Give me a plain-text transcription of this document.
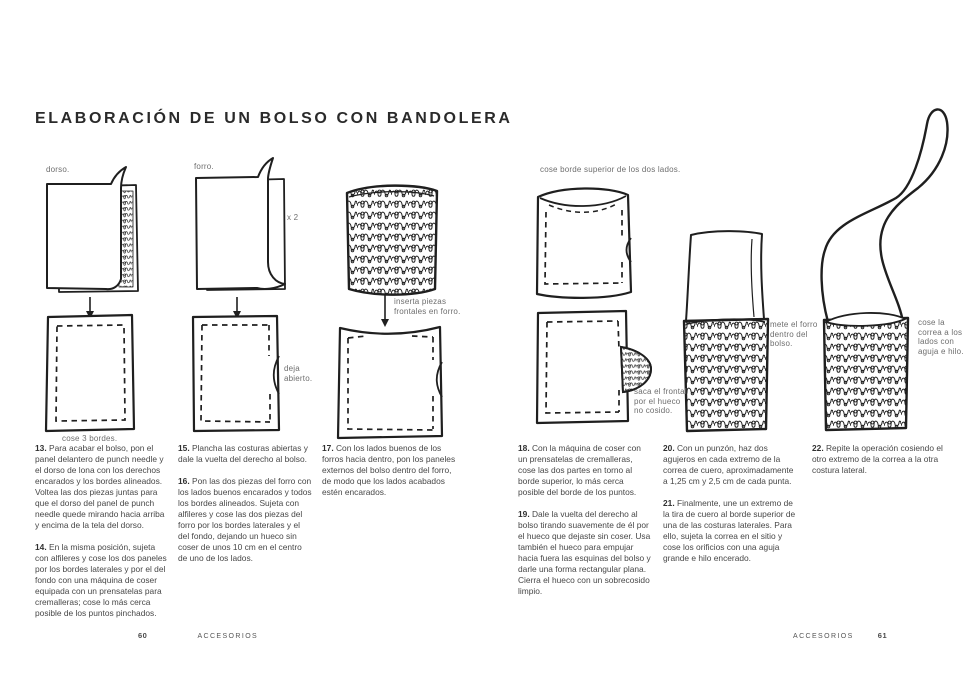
ELABORACIÓN DE UN BOLSO CON BANDOLERA
dorso.	forro.
x 2
cose 3 bordes.
deja abierto.
inserta piezas frontales en forro.
cose borde superior de los dos lados.
saca el frontal por el hueco no cosido.
mete el forro dentro del bolso.
cose la correa a los lados con aguja e hilo.

13. Para acabar el bolso, pon el panel delantero de punch needle y el dorso de lona con los derechos encarados y los bordes alineados. Voltea las dos piezas juntas para que el dorso del panel de punch needle quede mirando hacia arriba y encima de la tela del dorso.

14. En la misma posición, sujeta con alfileres y cose los dos paneles por los bordes laterales y por el del fondo con una máquina de coser equipada con un prensatelas para cremalleras; cose lo más cerca posible de los puntos pinchados.

15. Plancha las costuras abiertas y dale la vuelta del derecho al bolso.

16. Pon las dos piezas del forro con los lados buenos encarados y todos los bordes alineados. Sujeta con alfileres y cose las dos piezas del forro por los bordes laterales y el del fondo, dejando un hueco sin coser de unos 10 cm en el centro de uno de los lados.

17. Con los lados buenos de los forros hacia dentro, pon los paneles externos del bolso dentro del forro, de modo que los lados acabados estén encarados.

18. Con la máquina de coser con un prensatelas de cremalleras, cose las dos partes en torno al borde superior, lo más cerca posible del borde de los puntos.

19. Dale la vuelta del derecho al bolso tirando suavemente de él por el hueco que dejaste sin coser. Usa también el hueco para empujar hacia fuera las esquinas del bolso y darle una forma rectangular plana. Cierra el hueco con un sobrecosido limpio.

20. Con un punzón, haz dos agujeros en cada extremo de la correa de cuero, aproximadamente a 1,25 cm y 2,5 cm de cada punta.

21. Finalmente, une un extremo de la tira de cuero al borde superior de una de las costuras laterales. Para ello, sujeta la correa en el sitio y cose los orificios con una aguja grande e hilo encerado.

22. Repite la operación cosiendo el otro extremo de la correa a la otra costura lateral.

60	ACCESORIOS	ACCESORIOS	61
